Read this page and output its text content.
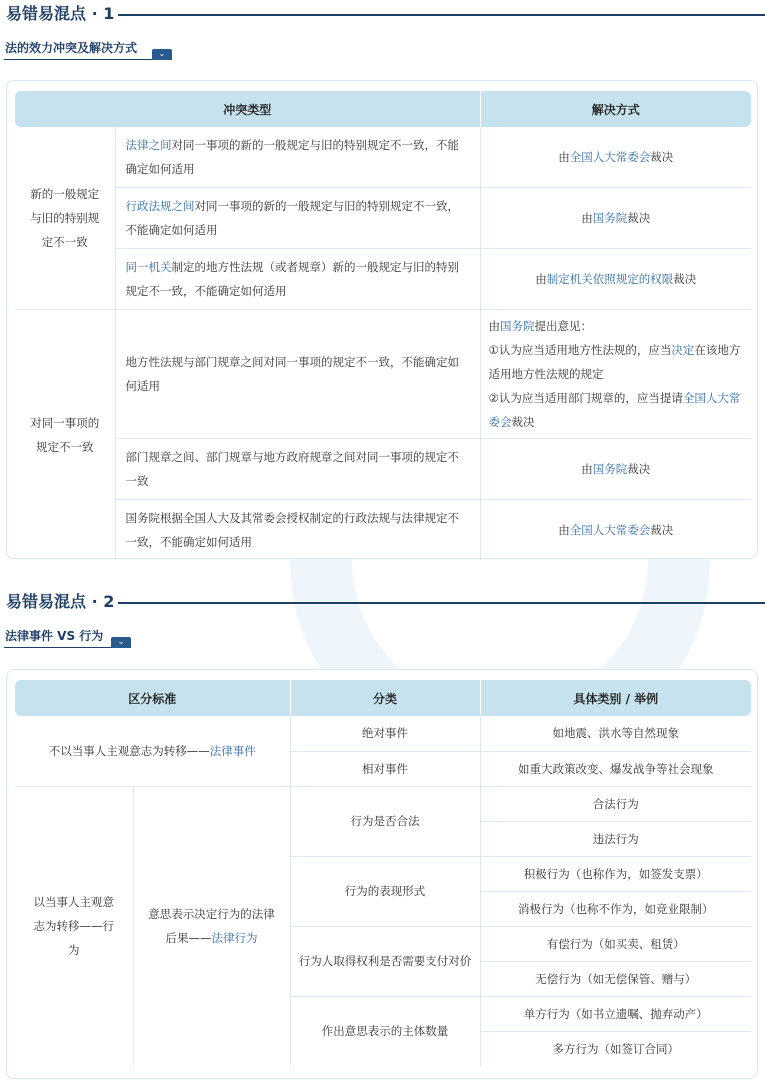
易错易混点 · 1
法的效力冲突及解决方式	⌄
冲突类型		解决方式
新的一般规定与旧的特别规定不一致	法律之间对同一事项的新的一般规定与旧的特别规定不一致，不能确定如何适用	由全国人大常委会裁决
	行政法规之间对同一事项的新的一般规定与旧的特别规定不一致，不能确定如何适用	由国务院裁决
	同一机关制定的地方性法规（或者规章）新的一般规定与旧的特别规定不一致，不能确定如何适用	由制定机关依照规定的权限裁决
对同一事项的规定不一致	地方性法规与部门规章之间对同一事项的规定不一致，不能确定如何适用	由国务院提出意见：
①认为应当适用地方性法规的，应当决定在该地方适用地方性法规的规定
②认为应当适用部门规章的，应当提请全国人大常委会裁决

	部门规章之间、部门规章与地方政府规章之间对同一事项的规定不一致	由国务院裁决
	国务院根据全国人大及其常委会授权制定的行政法规与法律规定不一致，不能确定如何适用	由全国人大常委会裁决
易错易混点 · 2
法律事件 VS 行为	⌄
区分标准		分类	具体类别 / 举例
不以当事人主观意志为转移——法律事件		绝对事件	如地震、洪水等自然现象
		相对事件	如重大政策改变、爆发战争等社会现象
以当事人主观意志为转移——行为	意思表示决定行为的法律后果——法律行为	行为是否合法	合法行为
			违法行为
		行为的表现形式	积极行为（也称作为，如签发支票）
			消极行为（也称不作为，如竞业限制）
		行为人取得权利是否需要支付对价	有偿行为（如买卖、租赁）
			无偿行为（如无偿保管、赠与）
		作出意思表示的主体数量	单方行为（如书立遗嘱、抛弃动产）
			多方行为（如签订合同）
